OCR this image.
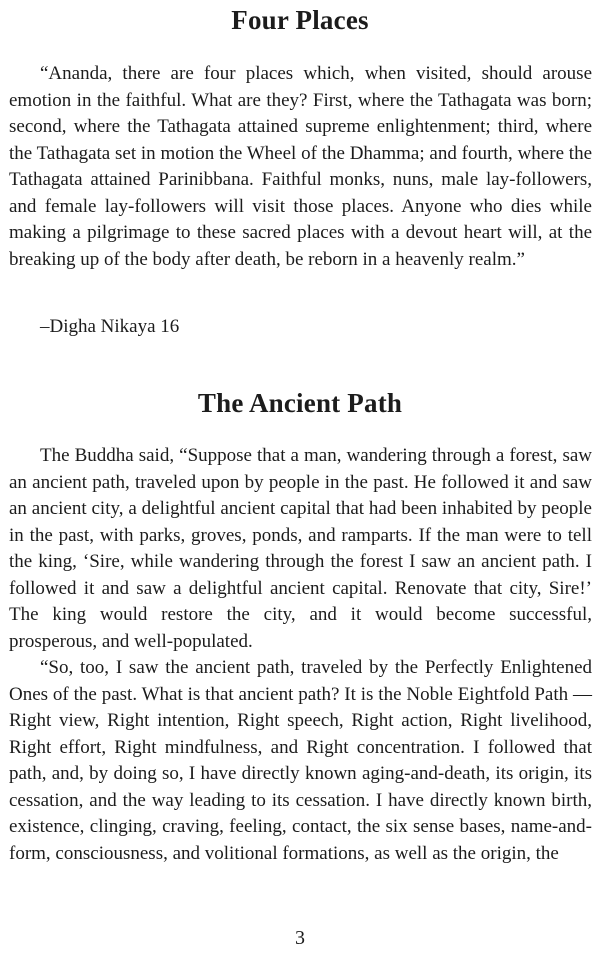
Four Places

“Ananda, there are four places which, when visited, should arouse emotion in the faithful. What are they? First, where the Tathagata was born; second, where the Tathagata attained supreme enlightenment; third, where the Tathagata set in motion the Wheel of the Dhamma; and fourth, where the Tathagata attained Parinibbana. Faithful monks, nuns, male lay-followers, and female lay-followers will visit those places. Anyone who dies while making a pilgrimage to these sacred places with a devout heart will, at the breaking up of the body after death, be reborn in a heavenly realm.”

–Digha Nikaya 16
The Ancient Path

The Buddha said, “Suppose that a man, wandering through a forest, saw an ancient path, traveled upon by people in the past. He followed it and saw an ancient city, a delightful ancient capital that had been inhabited by people in the past, with parks, groves, ponds, and ramparts. If the man were to tell the king, ‘Sire, while wandering through the forest I saw an ancient path. I followed it and saw a delightful ancient capital. Renovate that city, Sire!’ The king would restore the city, and it would become successful, prosperous, and well-populated.

“So, too, I saw the ancient path, traveled by the Perfectly Enlightened Ones of the past. What is that ancient path? It is the Noble Eightfold Path —Right view, Right intention, Right speech, Right action, Right livelihood, Right effort, Right mindfulness, and Right concentration. I followed that path, and, by doing so, I have directly known aging-and-death, its origin, its cessation, and the way leading to its cessation. I have directly known birth, existence, clinging, craving, feeling, contact, the six sense bases, name-and-form, consciousness, and volitional formations, as well as the origin, the

3
